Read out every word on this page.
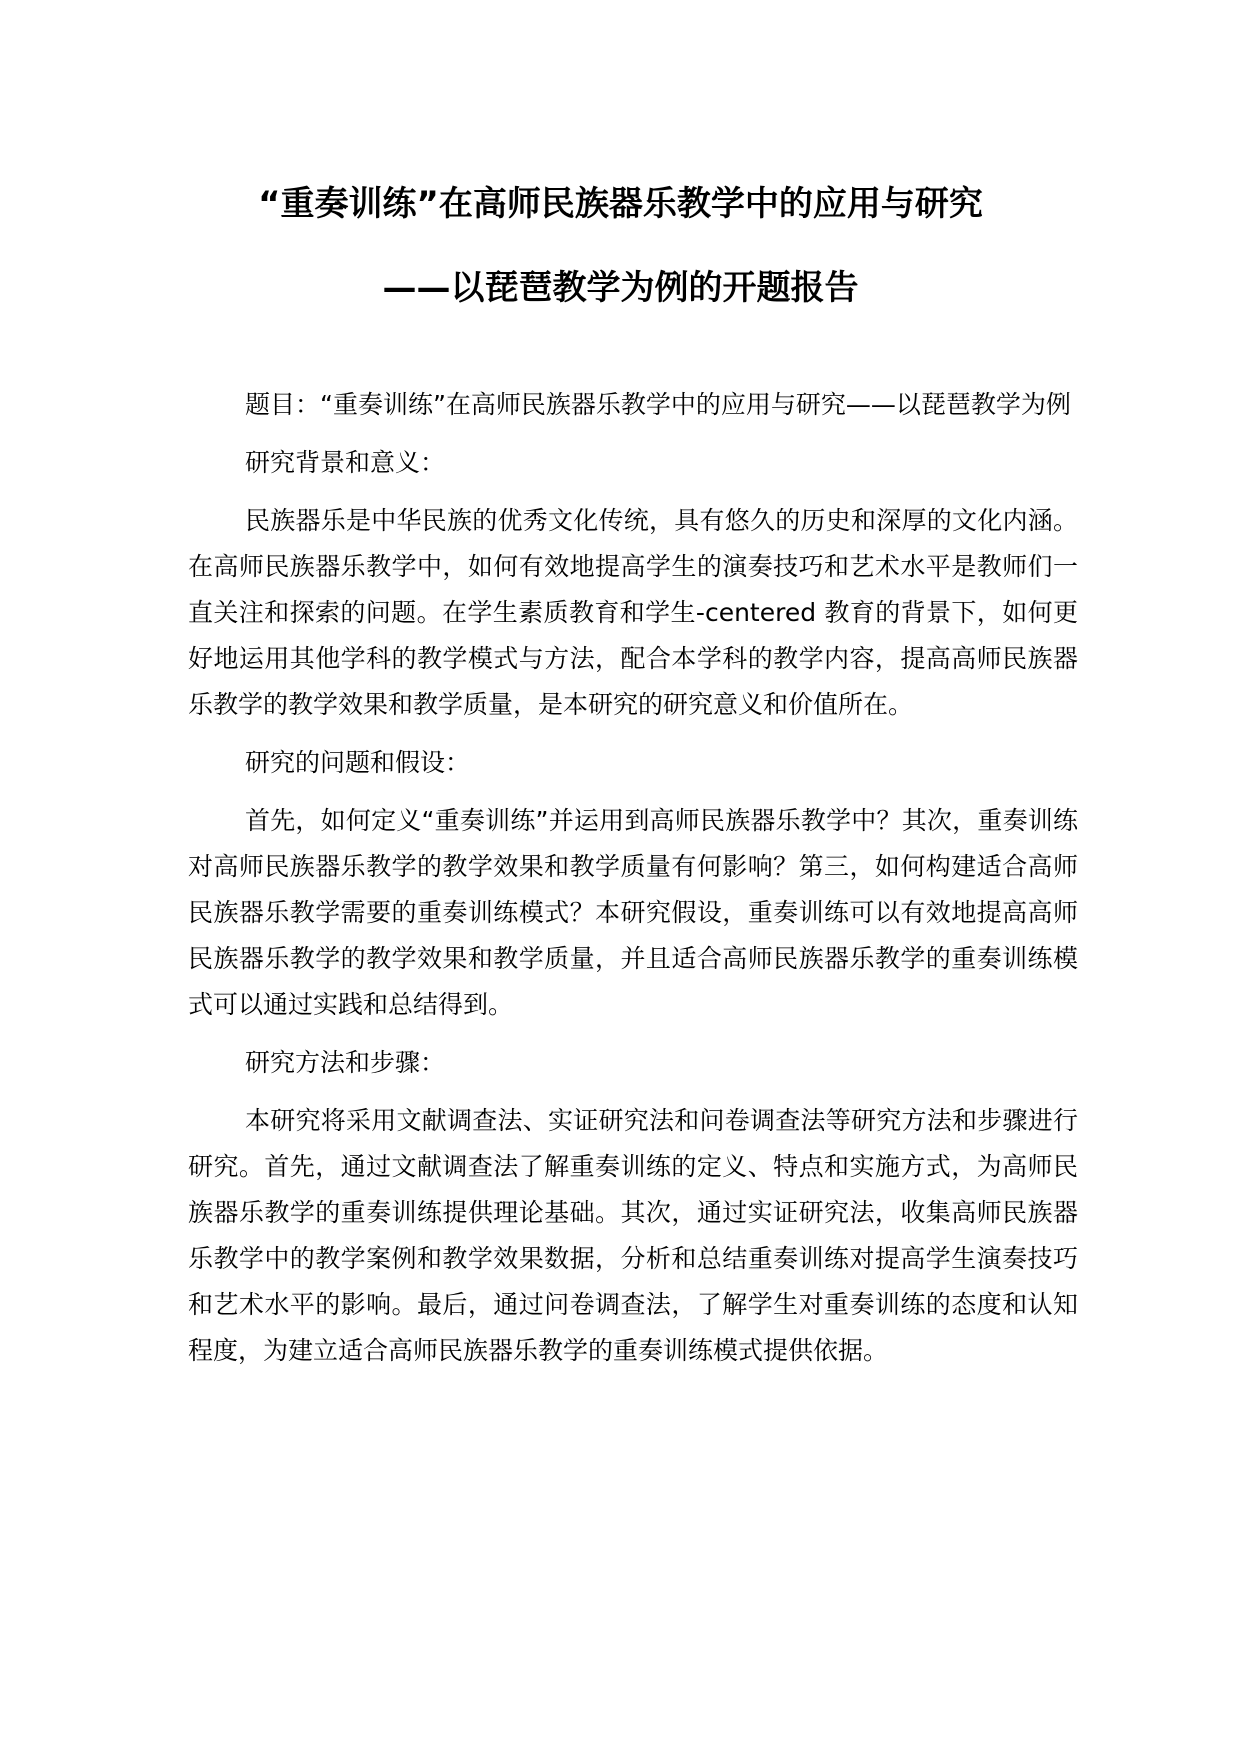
“重奏训练”在高师民族器乐教学中的应用与研究
——以琵琶教学为例的开题报告

题目：“重奏训练”在高师民族器乐教学中的应用与研究——以琵琶教学为例

研究背景和意义：

民族器乐是中华民族的优秀文化传统，具有悠久的历史和深厚的文化内涵。在高师民族器乐教学中，如何有效地提高学生的演奏技巧和艺术水平是教师们一直关注和探索的问题。在学生素质教育和学生-centered 教育的背景下，如何更好地运用其他学科的教学模式与方法，配合本学科的教学内容，提高高师民族器乐教学的教学效果和教学质量，是本研究的研究意义和价值所在。

研究的问题和假设：

首先，如何定义“重奏训练”并运用到高师民族器乐教学中？其次，重奏训练对高师民族器乐教学的教学效果和教学质量有何影响？第三，如何构建适合高师民族器乐教学需要的重奏训练模式？本研究假设，重奏训练可以有效地提高高师民族器乐教学的教学效果和教学质量，并且适合高师民族器乐教学的重奏训练模式可以通过实践和总结得到。

研究方法和步骤：

本研究将采用文献调查法、实证研究法和问卷调查法等研究方法和步骤进行研究。首先，通过文献调查法了解重奏训练的定义、特点和实施方式，为高师民族器乐教学的重奏训练提供理论基础。其次，通过实证研究法，收集高师民族器乐教学中的教学案例和教学效果数据，分析和总结重奏训练对提高学生演奏技巧和艺术水平的影响。最后，通过问卷调查法，了解学生对重奏训练的态度和认知程度，为建立适合高师民族器乐教学的重奏训练模式提供依据。
